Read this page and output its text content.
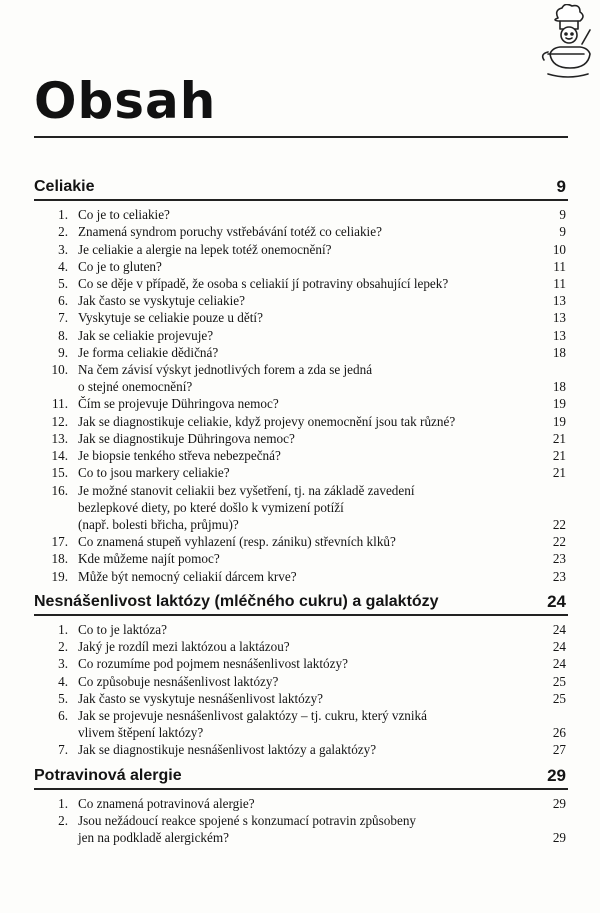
Obsah
Celiakie	9
1. Co je to celiakie?	9
2. Znamená syndrom poruchy vstřebávání totéž co celiakie?	9
3. Je celiakie a alergie na lepek totéž onemocnění?	10
4. Co je to gluten?	11
5. Co se děje v případě, že osoba s celiakií jí potraviny obsahující lepek?	11
6. Jak často se vyskytuje celiakie?	13
7. Vyskytuje se celiakie pouze u dětí?	13
8. Jak se celiakie projevuje?	13
9. Je forma celiakie dědičná?	18
10. Na čem závisí výskyt jednotlivých forem a zda se jedná
o stejné onemocnění?	18
11. Čím se projevuje Dühringova nemoc?	19
12. Jak se diagnostikuje celiakie, když projevy onemocnění jsou tak různé?	19
13. Jak se diagnostikuje Dühringova nemoc?	21
14. Je biopsie tenkého střeva nebezpečná?	21
15. Co to jsou markery celiakie?	21
16. Je možné stanovit celiakii bez vyšetření, tj. na základě zavedení
bezlepkové diety, po které došlo k vymizení potíží
(např. bolesti břicha, průjmu)?	22
17. Co znamená stupeň vyhlazení (resp. zániku) střevních klků?	22
18. Kde můžeme najít pomoc?	23
19. Může být nemocný celiakií dárcem krve?	23
Nesnášenlivost laktózy (mléčného cukru) a galaktózy	24
1. Co to je laktóza?	24
2. Jaký je rozdíl mezi laktózou a laktázou?	24
3. Co rozumíme pod pojmem nesnášenlivost laktózy?	24
4. Co způsobuje nesnášenlivost laktózy?	25
5. Jak často se vyskytuje nesnášenlivost laktózy?	25
6. Jak se projevuje nesnášenlivost galaktózy – tj. cukru, který vzniká
vlivem štěpení laktózy?	26
7. Jak se diagnostikuje nesnášenlivost laktózy a galaktózy?	27
Potravinová alergie	29
1. Co znamená potravinová alergie?	29
2. Jsou nežádoucí reakce spojené s konzumací potravin způsobeny
jen na podkladě alergickém?	29
